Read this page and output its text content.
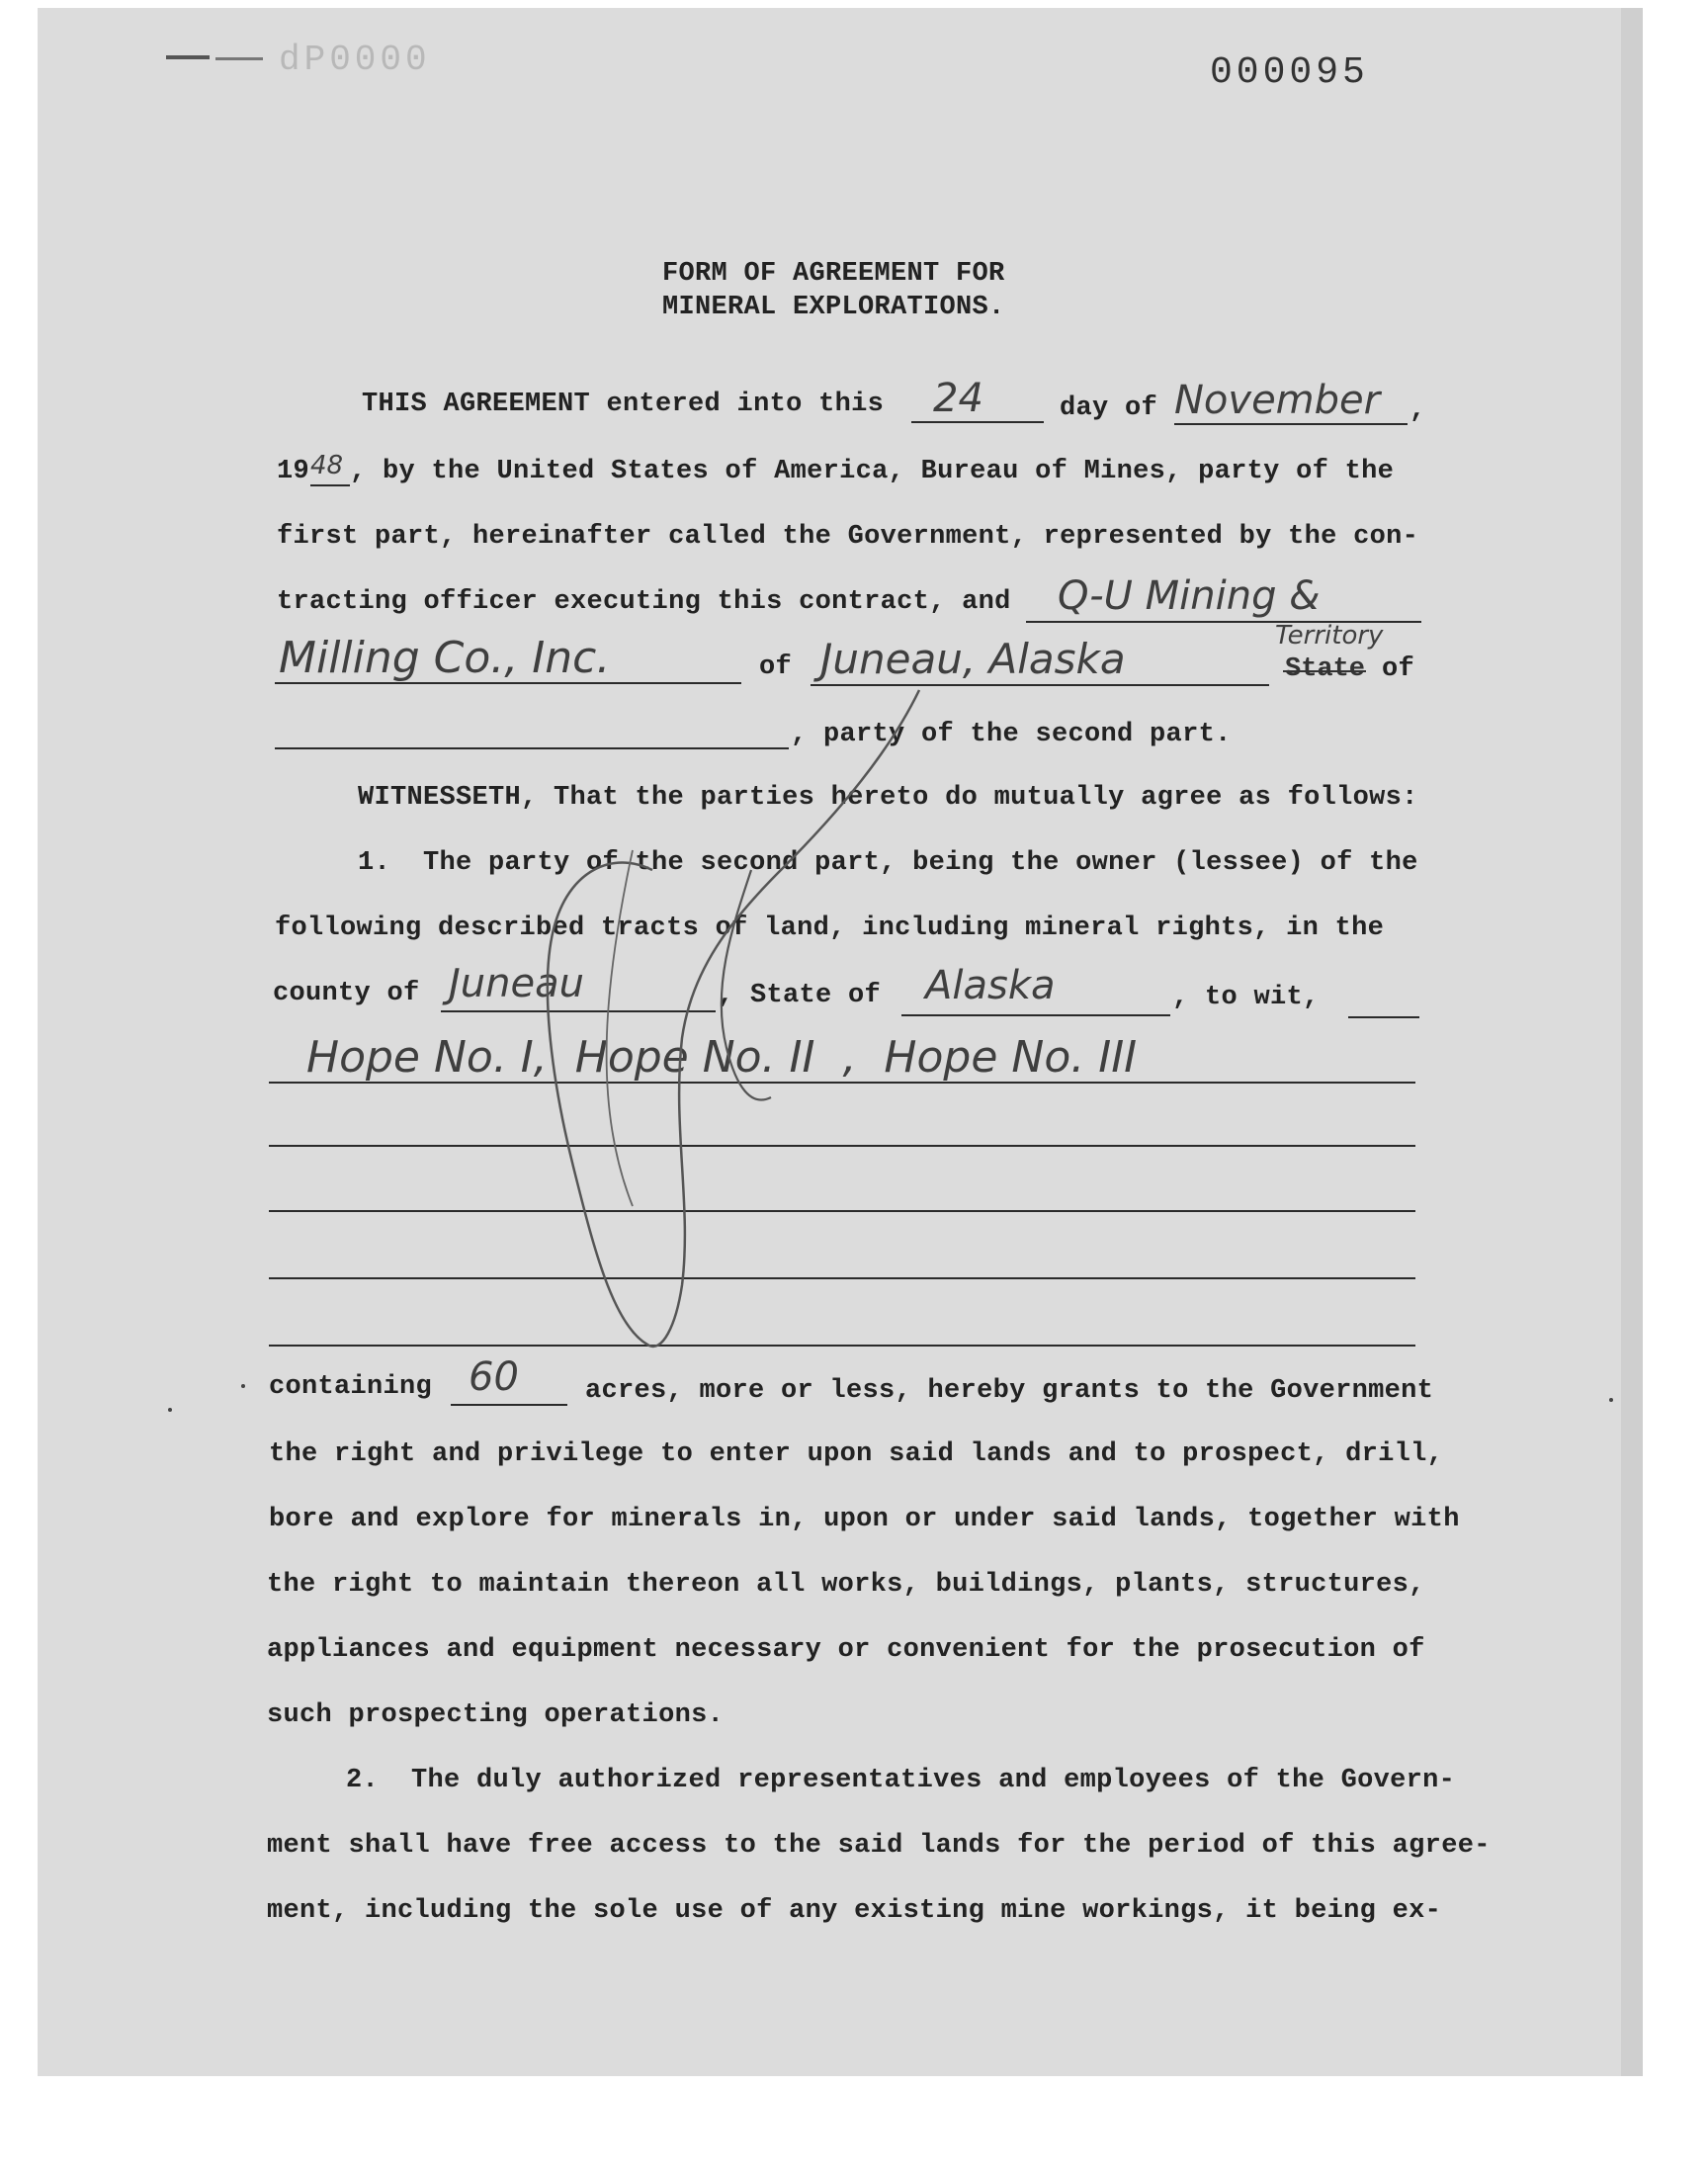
dP0000	000095
FORM OF AGREEMENT FOR
MINERAL EXPLORATIONS.
THIS AGREEMENT entered into this 24	day of November ,
19 48 , by the United States of America, Bureau of Mines, party of the
first part, hereinafter called the Government, represented by the con-
tracting officer executing this contract, and Q-U Mining &
Milling Co., Inc.	of Juneau, Alaska	State of
Territory
, party of the second part.
WITNESSETH, That the parties hereto do mutually agree as follows:
1.  The party of the second part, being the owner (lessee) of the
following described tracts of land, including mineral rights, in the
county of Juneau	, State of Alaska	, to wit,
Hope No. I,  Hope No. II  ,  Hope No. III
containing 60 acres, more or less, hereby grants to the Government
the right and privilege to enter upon said lands and to prospect, drill,
bore and explore for minerals in, upon or under said lands, together with
the right to maintain thereon all works, buildings, plants, structures,
appliances and equipment necessary or convenient for the prosecution of
such prospecting operations.
2.  The duly authorized representatives and employees of the Govern-
ment shall have free access to the said lands for the period of this agree-
ment, including the sole use of any existing mine workings, it being ex-
